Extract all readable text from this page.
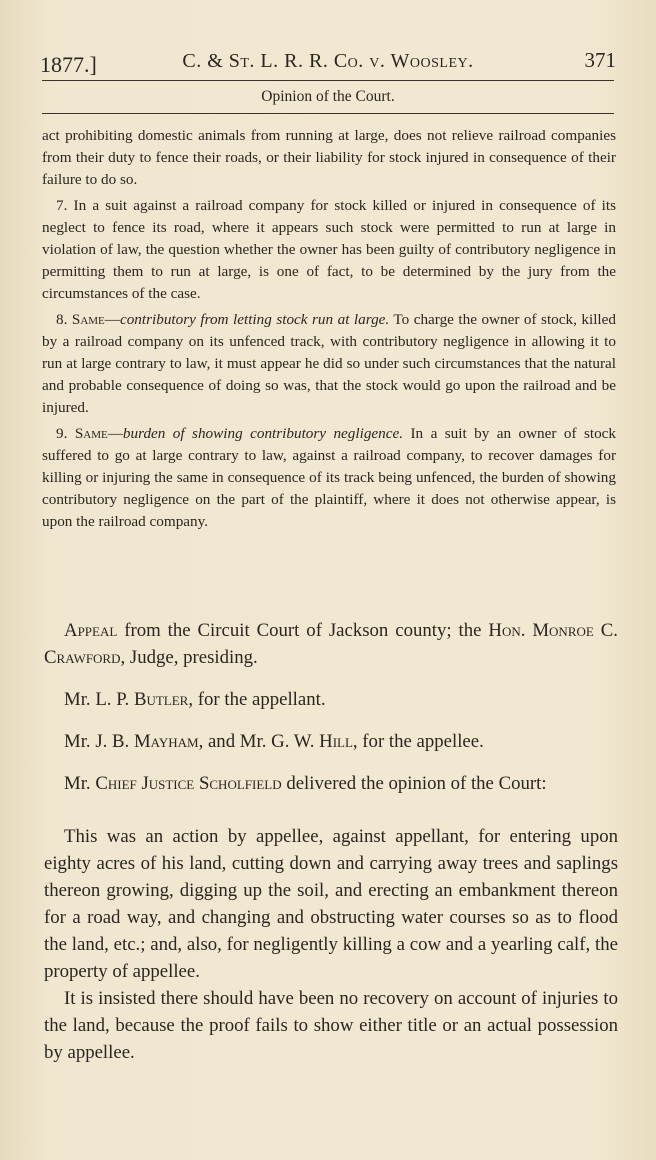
1877.]	C. & St. L. R. R. Co. v. Woosley.	371
Opinion of the Court.

act prohibiting domestic animals from running at large, does not relieve railroad companies from their duty to fence their roads, or their liability for stock injured in consequence of their failure to do so.

7. In a suit against a railroad company for stock killed or injured in consequence of its neglect to fence its road, where it appears such stock were permitted to run at large in violation of law, the question whether the owner has been guilty of contributory negligence in permitting them to run at large, is one of fact, to be determined by the jury from the circumstances of the case.

8. Same—contributory from letting stock run at large. To charge the owner of stock, killed by a railroad company on its unfenced track, with contributory negligence in allowing it to run at large contrary to law, it must appear he did so under such circumstances that the natural and probable consequence of doing so was, that the stock would go upon the railroad and be injured.

9. Same—burden of showing contributory negligence. In a suit by an owner of stock suffered to go at large contrary to law, against a railroad company, to recover damages for killing or injuring the same in consequence of its track being unfenced, the burden of showing contributory negligence on the part of the plaintiff, where it does not otherwise appear, is upon the railroad company.

Appeal from the Circuit Court of Jackson county; the Hon. Monroe C. Crawford, Judge, presiding.

Mr. L. P. Butler, for the appellant.

Mr. J. B. Mayham, and Mr. G. W. Hill, for the appellee.

Mr. Chief Justice Scholfield delivered the opinion of the Court:

This was an action by appellee, against appellant, for entering upon eighty acres of his land, cutting down and carrying away trees and saplings thereon growing, digging up the soil, and erecting an embankment thereon for a road way, and changing and obstructing water courses so as to flood the land, etc.; and, also, for negligently killing a cow and a yearling calf, the property of appellee.

It is insisted there should have been no recovery on account of injuries to the land, because the proof fails to show either title or an actual possession by appellee.
